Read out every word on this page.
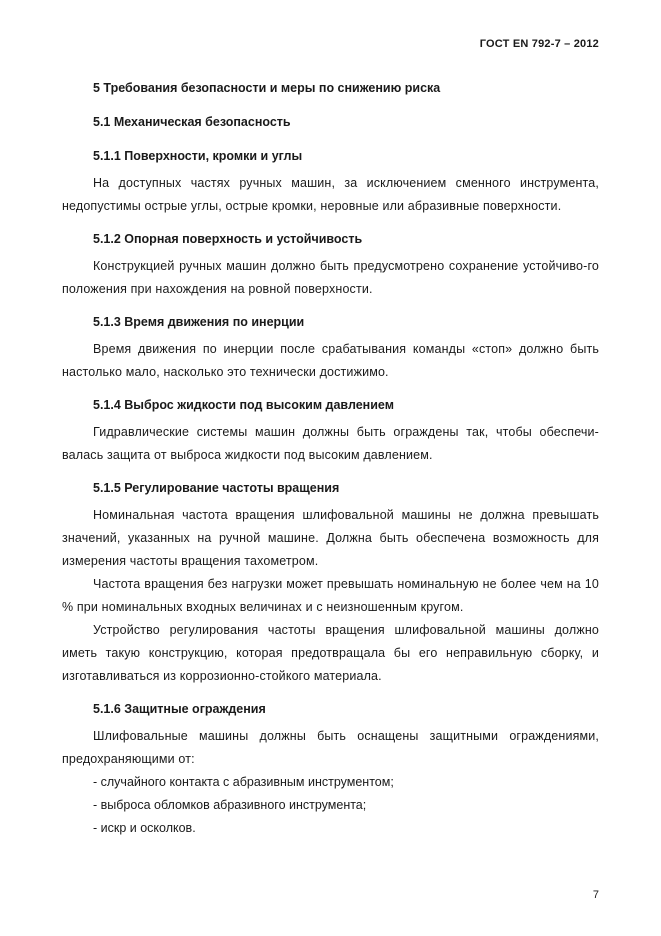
ГОСТ EN 792-7 – 2012
5 Требования безопасности и меры по снижению риска
5.1 Механическая безопасность
5.1.1 Поверхности, кромки и углы

На доступных частях ручных машин, за исключением сменного инструмента, недопустимы острые углы, острые кромки, неровные или абразивные поверхности.

5.1.2 Опорная поверхность и устойчивость

Конструкцией ручных машин должно быть предусмотрено сохранение устойчиво-го положения при нахождения на ровной поверхности.

5.1.3 Время движения по инерции

Время движения по инерции после срабатывания команды «стоп» должно быть настолько мало, насколько это технически достижимо.

5.1.4 Выброс жидкости под высоким давлением

Гидравлические системы машин должны быть ограждены так, чтобы обеспечи-валась защита от выброса жидкости под высоким давлением.

5.1.5 Регулирование частоты вращения

Номинальная частота вращения шлифовальной машины не должна превышать значений, указанных на ручной машине. Должна быть обеспечена возможность для измерения частоты вращения тахометром.

Частота вращения без нагрузки может превышать номинальную не более чем на 10 % при номинальных входных величинах и с неизношенным кругом.

Устройство регулирования частоты вращения шлифовальной машины должно иметь такую конструкцию, которая предотвращала бы его неправильную сборку, и изготавливаться из коррозионно-стойкого материала.

5.1.6 Защитные ограждения

Шлифовальные машины должны быть оснащены защитными ограждениями, предохраняющими от:

- случайного контакта с абразивным инструментом;
- выброса обломков абразивного инструмента;
- искр и осколков.
7
